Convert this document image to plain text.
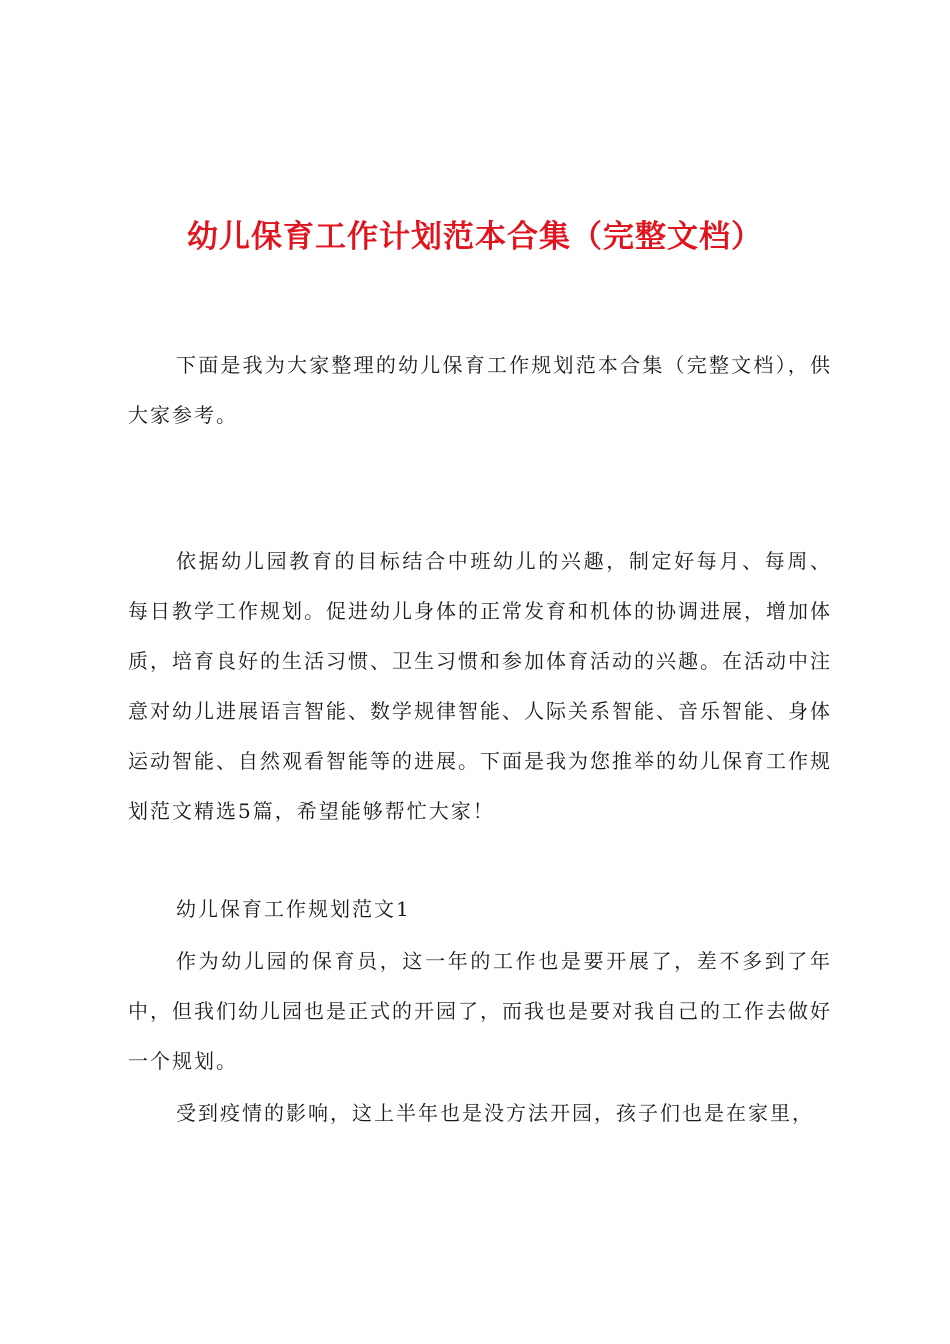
幼儿保育工作计划范本合集（完整文档）

下面是我为大家整理的幼儿保育工作规划范本合集（完整文档），供大家参考。

依据幼儿园教育的目标结合中班幼儿的兴趣，制定好每月、每周、每日教学工作规划。促进幼儿身体的正常发育和机体的协调进展，增加体质，培育良好的生活习惯、卫生习惯和参加体育活动的兴趣。在活动中注意对幼儿进展语言智能、数学规律智能、人际关系智能、音乐智能、身体运动智能、自然观看智能等的进展。下面是我为您推举的幼儿保育工作规划范文精选5篇，希望能够帮忙大家！

幼儿保育工作规划范文1

作为幼儿园的保育员，这一年的工作也是要开展了，差不多到了年中，但我们幼儿园也是正式的开园了，而我也是要对我自己的工作去做好一个规划。

受到疫情的影响，这上半年也是没方法开园，孩子们也是在家里，
